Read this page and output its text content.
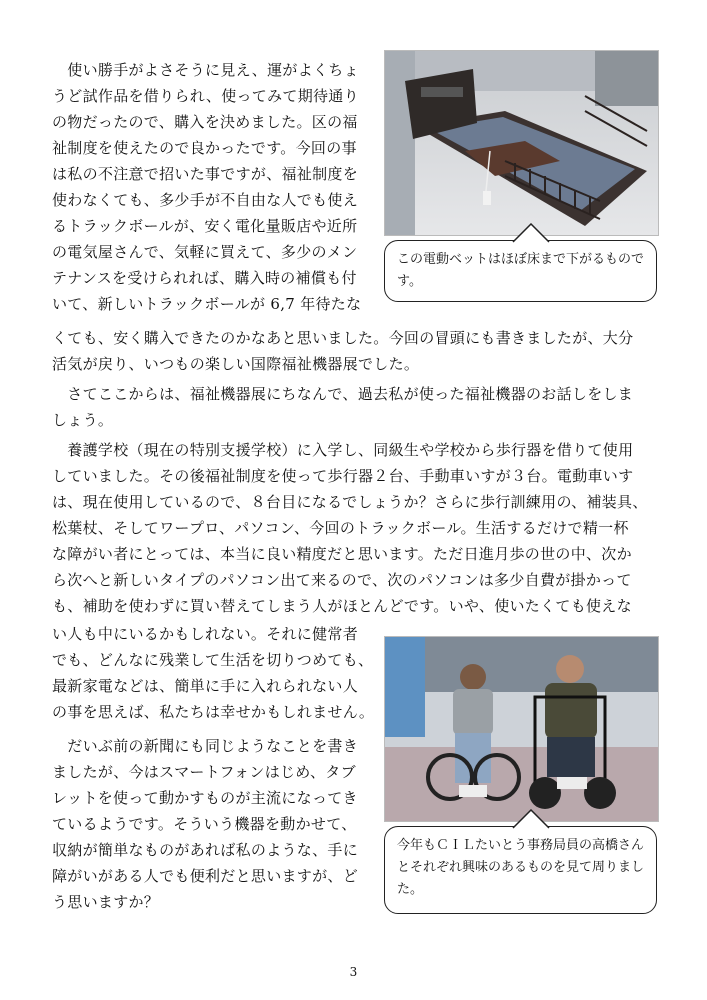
　使い勝手がよさそうに見え、運がよくちょ
うど試作品を借りられ、使ってみて期待通り
の物だったので、購入を決めました。区の福
祉制度を使えたので良かったです。今回の事
は私の不注意で招いた事ですが、福祉制度を
使わなくても、多少手が不自由な人でも使え
るトラックボールが、安く電化量販店や近所
の電気屋さんで、気軽に買えて、多少のメン
テナンスを受けられれば、購入時の補償も付
いて、新しいトラックボールが 6,7 年待たな
くても、安く購入できたのかなあと思いました。今回の冒頭にも書きましたが、大分
活気が戻り、いつもの楽しい国際福祉機器展でした。
　さてここからは、福祉機器展にちなんで、過去私が使った福祉機器のお話しをしま
しょう。
　養護学校（現在の特別支援学校）に入学し、同級生や学校から歩行器を借りて使用
していました。その後福祉制度を使って歩行器２台、手動車いすが３台。電動車いす
は、現在使用しているので、８台目になるでしょうか？さらに歩行訓練用の、補装具、
松葉杖、そしてワープロ、パソコン、今回のトラックボール。生活するだけで精一杯
な障がい者にとっては、本当に良い精度だと思います。ただ日進月歩の世の中、次か
ら次へと新しいタイプのパソコン出て来るので、次のパソコンは多少自費が掛かって
も、補助を使わずに買い替えてしまう人がほとんどです。いや、使いたくても使えな
い人も中にいるかもしれない。それに健常者
でも、どんなに残業して生活を切りつめても、
最新家電などは、簡単に手に入れられない人
の事を思えば、私たちは幸せかもしれません。
　だいぶ前の新聞にも同じようなことを書き
ましたが、今はスマートフォンはじめ、タブ
レットを使って動かすものが主流になってき
ているようです。そういう機器を動かせて、
収納が簡単なものがあれば私のような、手に
障がいがある人でも便利だと思いますが、ど
う思いますか？
この電動ベットはほぼ床まで下がるものです。
今年もＣＩＬたいとう事務局員の高橋さんとそれぞれ興味のあるものを見て周りました。
3
